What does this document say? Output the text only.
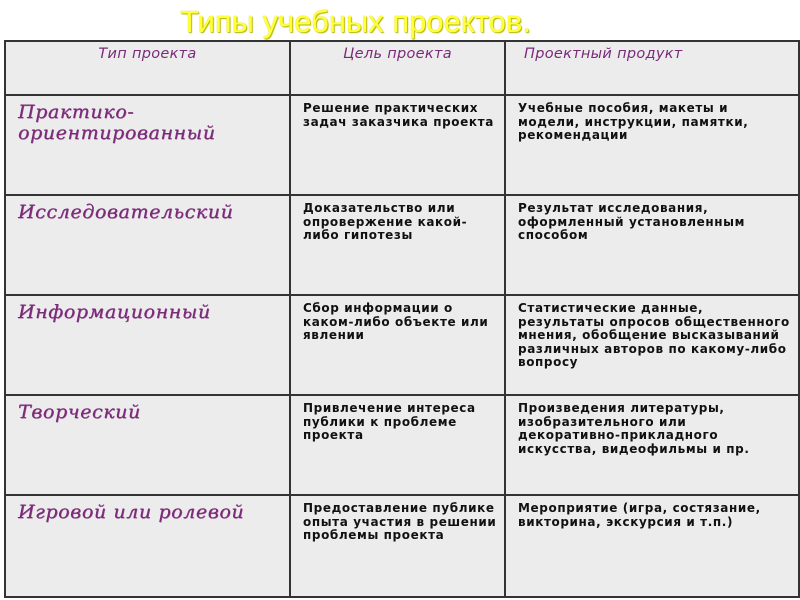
Типы учебных проектов.
Тип проекта	Цель проекта	Проектный продукт
Практико-ориентированный	Решение практических задач заказчика проекта	Учебные пособия, макеты и модели, инструкции, памятки, рекомендации
Исследовательский	Доказательство или опровержение какой-либо гипотезы	Результат исследования, оформленный установленным способом
Информационный	Сбор информации о каком-либо объекте или явлении	Статистические данные, результаты опросов общественного мнения, обобщение высказываний различных авторов по какому-либо вопросу
Творческий	Привлечение интереса публики к проблеме проекта	Произведения литературы, изобразительного или декоративно-прикладного искусства, видеофильмы и пр.
Игровой или ролевой	Предоставление публике опыта участия в решении проблемы проекта	Мероприятие (игра, состязание, викторина, экскурсия и т.п.)
